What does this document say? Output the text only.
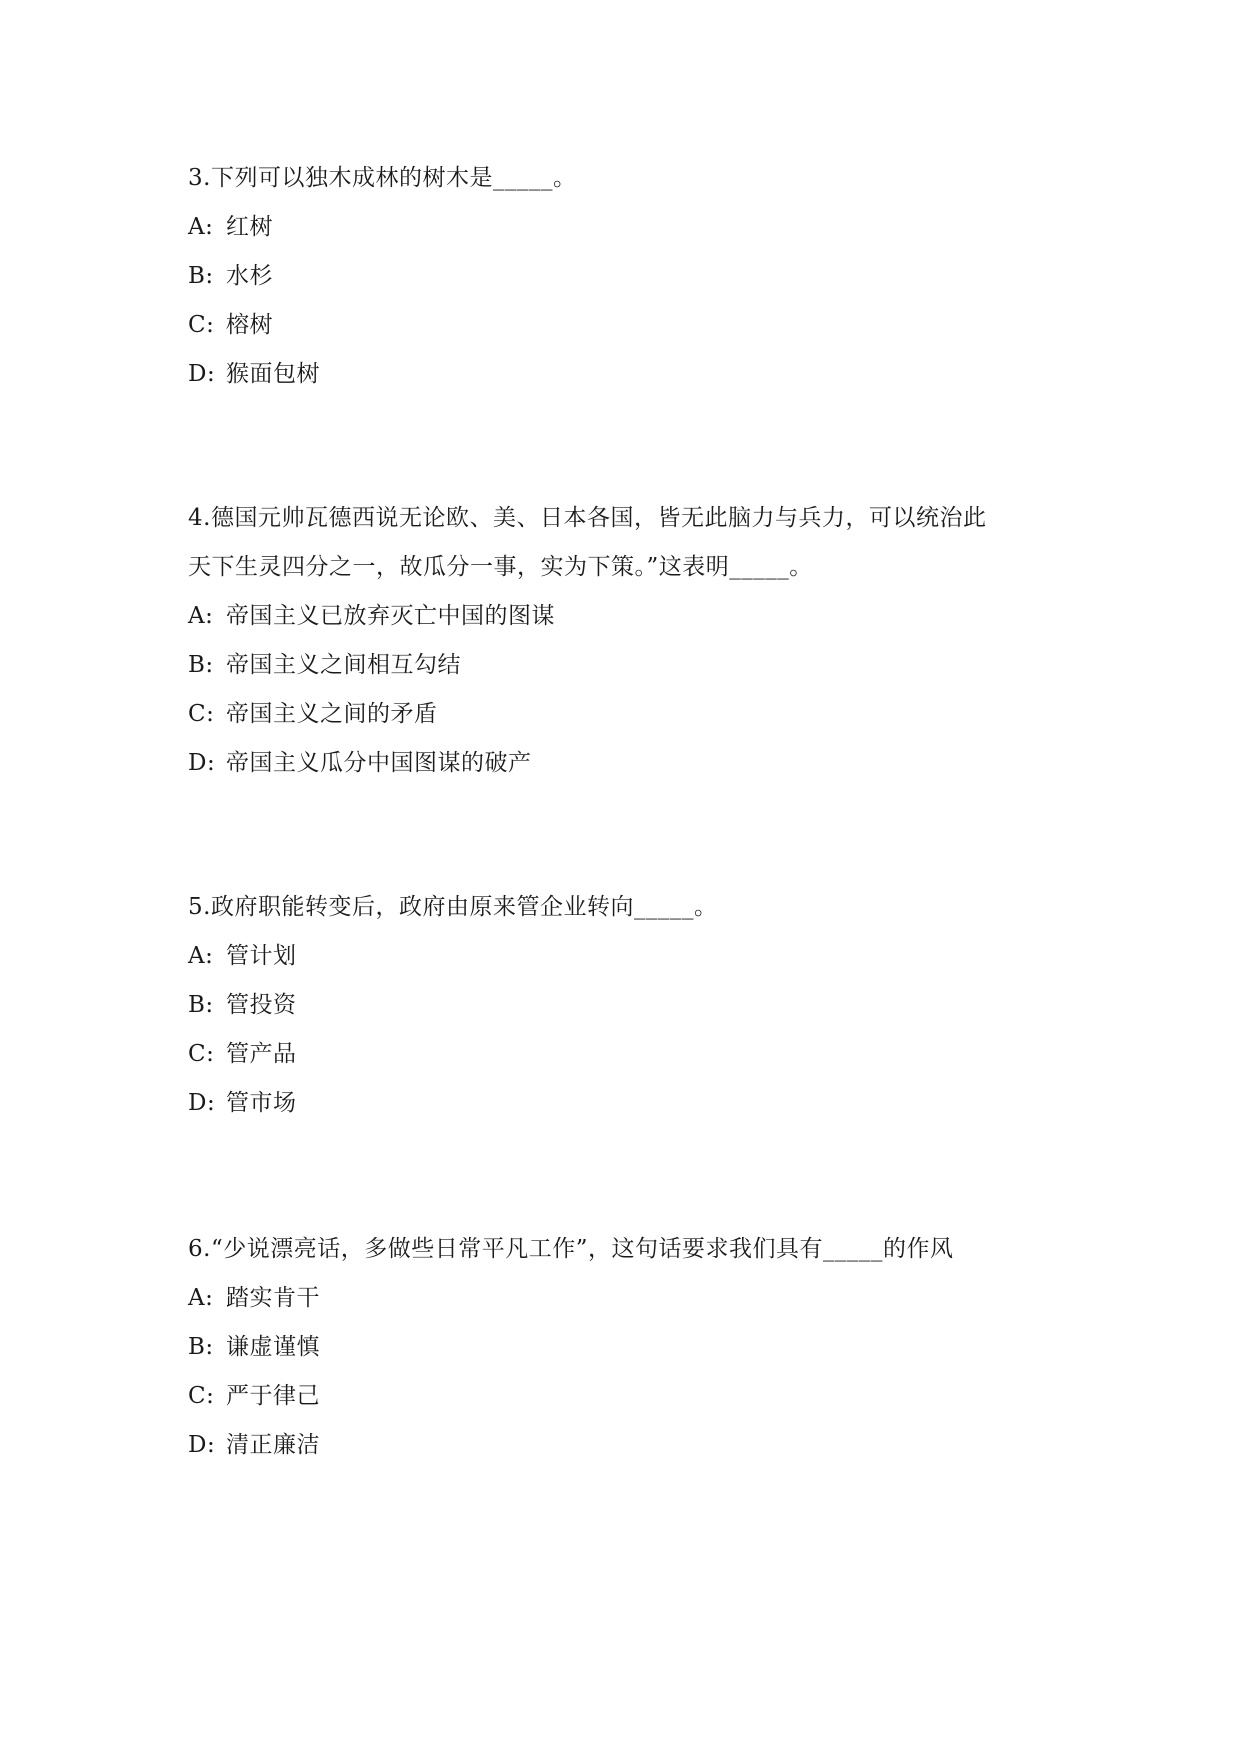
3.下列可以独木成林的树木是_____。
A: 红树
B: 水杉
C: 榕树
D: 猴面包树
4.德国元帅瓦德西说无论欧、美、日本各国，皆无此脑力与兵力，可以统治此
天下生灵四分之一，故瓜分一事，实为下策。”这表明_____。
A: 帝国主义已放弃灭亡中国的图谋
B: 帝国主义之间相互勾结
C: 帝国主义之间的矛盾
D: 帝国主义瓜分中国图谋的破产
5.政府职能转变后，政府由原来管企业转向_____。
A: 管计划
B: 管投资
C: 管产品
D: 管市场
6.“少说漂亮话，多做些日常平凡工作”，这句话要求我们具有_____的作风
A: 踏实肯干
B: 谦虚谨慎
C: 严于律己
D: 清正廉洁
